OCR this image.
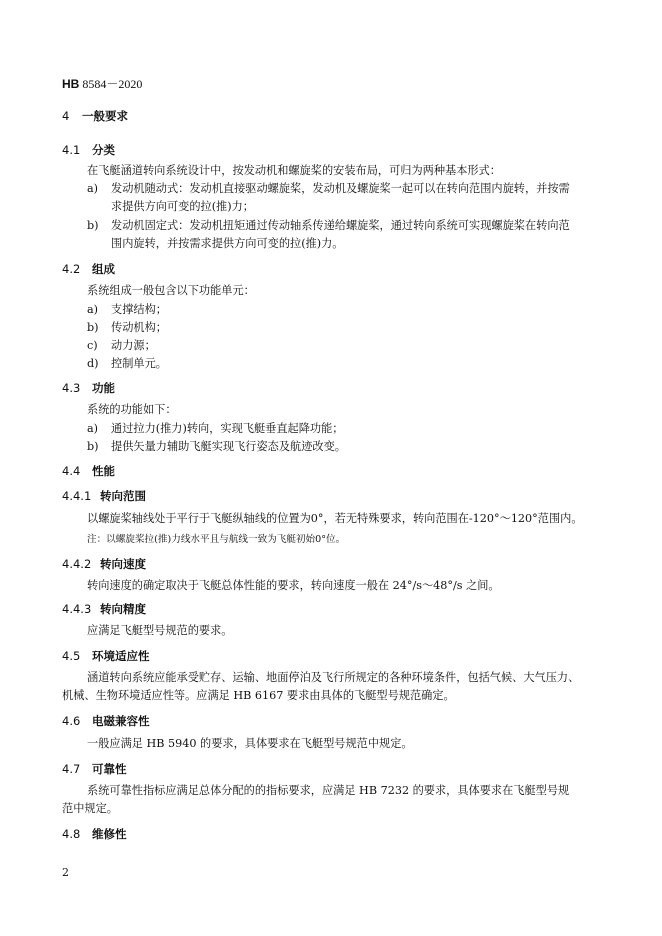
HB 8584－2020
4 一般要求
4.1 分类
在飞艇涵道转向系统设计中，按发动机和螺旋桨的安装布局，可归为两种基本形式：
a) 发动机随动式：发动机直接驱动螺旋桨，发动机及螺旋桨一起可以在转向范围内旋转，并按需
求提供方向可变的拉(推)力；
b) 发动机固定式：发动机扭矩通过传动轴系传递给螺旋桨，通过转向系统可实现螺旋桨在转向范
围内旋转，并按需求提供方向可变的拉(推)力。
4.2 组成
系统组成一般包含以下功能单元：
a) 支撑结构；
b) 传动机构；
c) 动力源；
d) 控制单元。
4.3 功能
系统的功能如下：
a) 通过拉力(推力)转向，实现飞艇垂直起降功能；
b) 提供矢量力辅助飞艇实现飞行姿态及航迹改变。
4.4 性能
4.4.1 转向范围
以螺旋桨轴线处于平行于飞艇纵轴线的位置为0°，若无特殊要求，转向范围在-120°～120°范围内。
注：以螺旋桨拉(推)力线水平且与航线一致为飞艇初始0°位。
4.4.2 转向速度
转向速度的确定取决于飞艇总体性能的要求，转向速度一般在 24°/s～48°/s 之间。
4.4.3 转向精度
应满足飞艇型号规范的要求。
4.5 环境适应性
涵道转向系统应能承受贮存、运输、地面停泊及飞行所规定的各种环境条件，包括气候、大气压力、
机械、生物环境适应性等。应满足 HB 6167 要求由具体的飞艇型号规范确定。
4.6 电磁兼容性
一般应满足 HB 5940 的要求，具体要求在飞艇型号规范中规定。
4.7 可靠性
系统可靠性指标应满足总体分配的的指标要求，应满足 HB 7232 的要求，具体要求在飞艇型号规
范中规定。
4.8 维修性
2
